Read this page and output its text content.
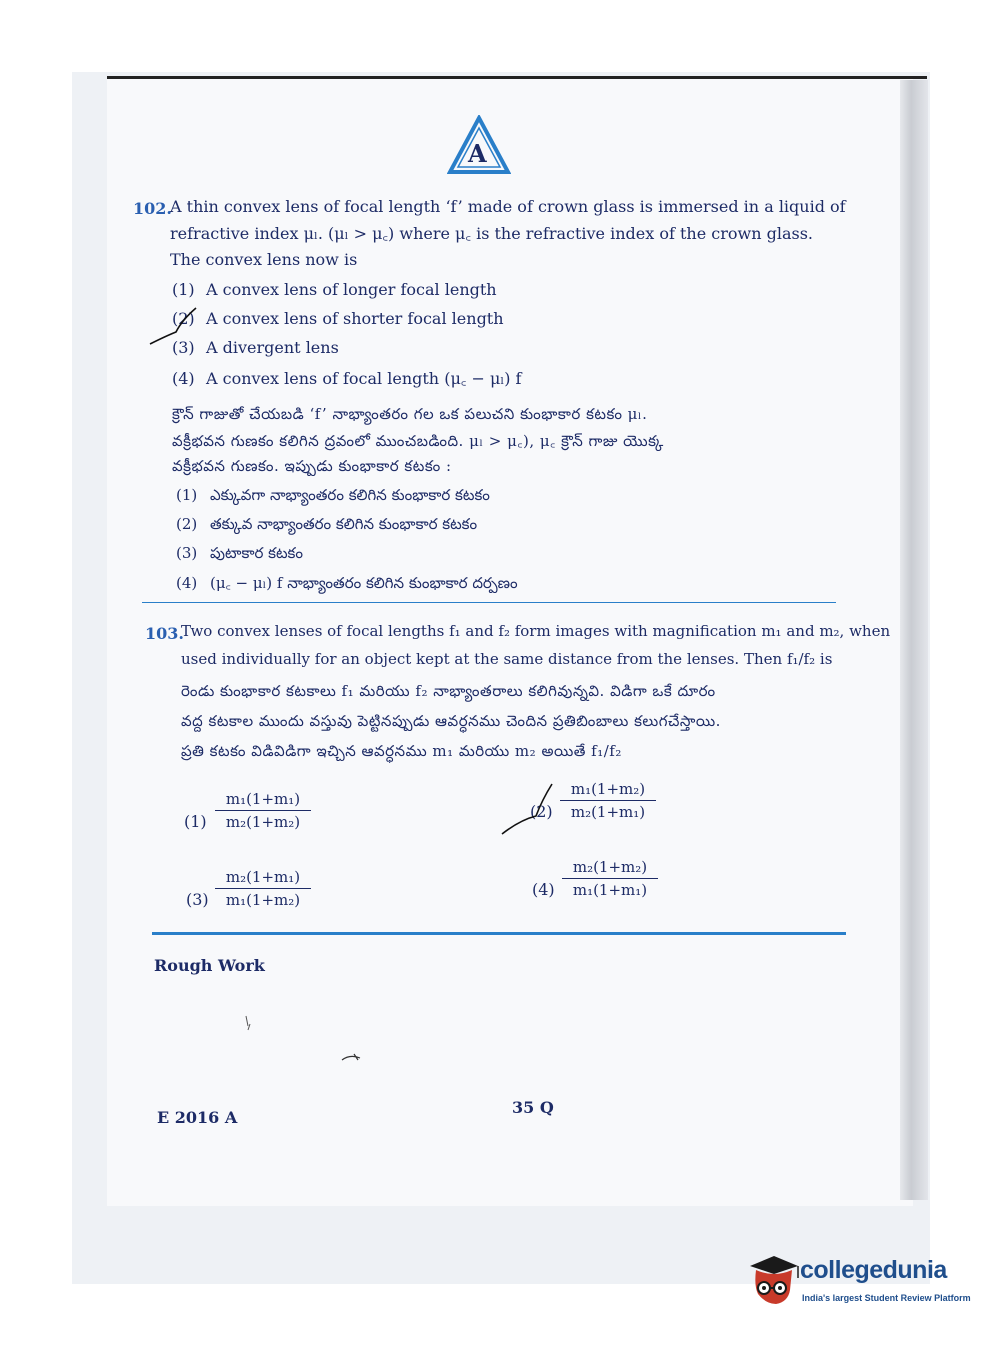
A
102.
A thin convex lens of focal length ‘f’ made of crown glass is immersed in a liquid of
refractive index μₗ. (μₗ > μ꜀) where μ꜀ is the refractive index of the crown glass.
The convex lens now is
(1) A convex lens of longer focal length
(2) A convex lens of shorter focal length
(3) A divergent lens
(4) A convex lens of focal length (μ꜀ − μₗ) f
క్రౌన్ గాజుతో చేయబడి ‘f’ నాభ్యాంతరం గల ఒక పలుచని కుంభాకార కటకం μₗ.
వక్రీభవన గుణకం కలిగిన ద్రవంలో ముంచబడింది. μₗ > μ꜀), μ꜀ క్రౌన్ గాజు యొక్క
వక్రీభవన గుణకం. ఇప్పుడు కుంభాకార కటకం :
(1) ఎక్కువగా నాభ్యాంతరం కలిగిన కుంభాకార కటకం
(2) తక్కువ నాభ్యాంతరం కలిగిన కుంభాకార కటకం
(3) పుటాకార కటకం
(4) (μ꜀ − μₗ) f నాభ్యాంతరం కలిగిన కుంభాకార దర్పణం
103.
Two convex lenses of focal lengths f₁ and f₂ form images with magnification m₁ and m₂, when
used individually for an object kept at the same distance from the lenses. Then f₁/f₂ is
రెండు కుంభాకార కటకాలు f₁ మరియు f₂ నాభ్యాంతరాలు కలిగివున్నవి. విడిగా ఒకే దూరం
వద్ద కటకాల ముందు వస్తువు పెట్టినప్పుడు ఆవర్ధనము చెందిన ప్రతిబింబాలు కలుగచేస్తాయి.
ప్రతి కటకం విడివిడిగా ఇచ్చిన ఆవర్ధనము m₁ మరియు m₂ అయితే f₁/f₂
(1)
m₁(1+m₁)
m₂(1+m₂)
(2)
m₁(1+m₂)
m₂(1+m₁)
(3)
m₂(1+m₁)
m₁(1+m₂)
(4)
m₂(1+m₂)
m₁(1+m₁)
Rough Work
E 2016 A
35 Q
collegedunia
India's largest Student Review Platform
